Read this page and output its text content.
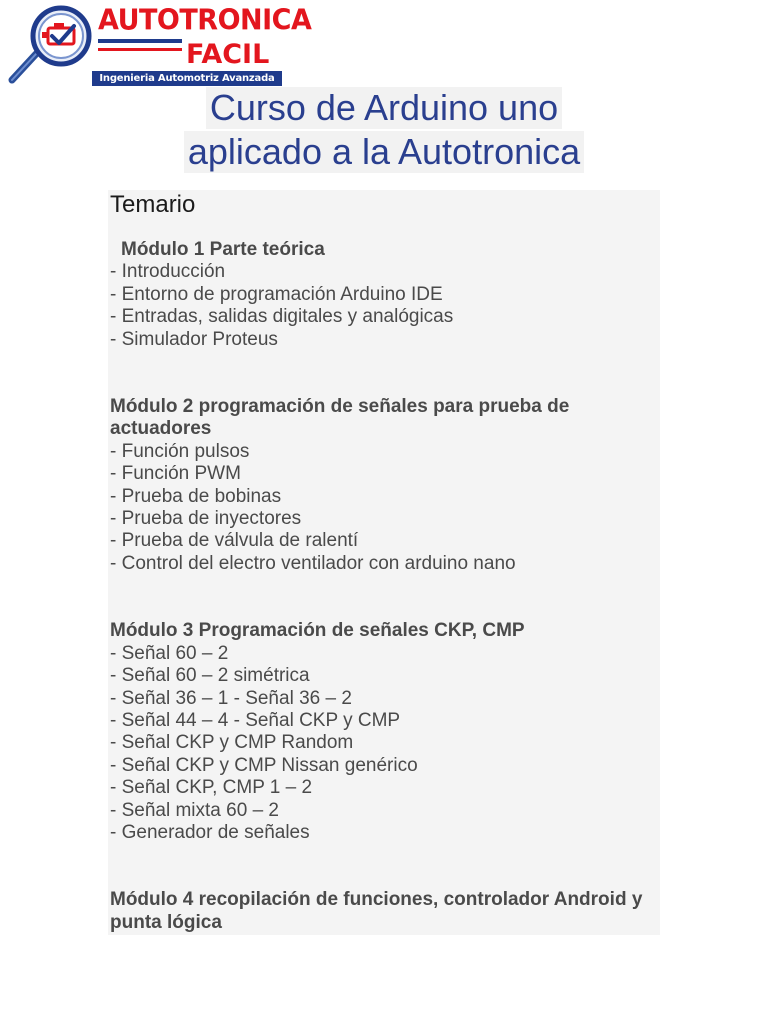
AUTOTRONICA
FACIL
Ingenieria Automotriz Avanzada
Curso de Arduino uno
aplicado a la Autotronica
Temario
Módulo 1 Parte teórica
- Introducción
- Entorno de programación Arduino IDE
- Entradas, salidas digitales y analógicas
- Simulador Proteus
Módulo 2 programación de señales para prueba de actuadores
- Función pulsos
- Función PWM
- Prueba de bobinas
- Prueba de inyectores
- Prueba de válvula de ralentí
- Control del electro ventilador con arduino nano
Módulo 3 Programación de señales CKP, CMP
- Señal 60 – 2
- Señal 60 – 2 simétrica
- Señal 36 – 1 - Señal 36 – 2
- Señal 44 – 4 - Señal CKP y CMP
- Señal CKP y CMP Random
- Señal CKP y CMP Nissan genérico
- Señal CKP, CMP 1 – 2
- Señal mixta 60 – 2
- Generador de señales
Módulo 4 recopilación de funciones, controlador Android y punta lógica
